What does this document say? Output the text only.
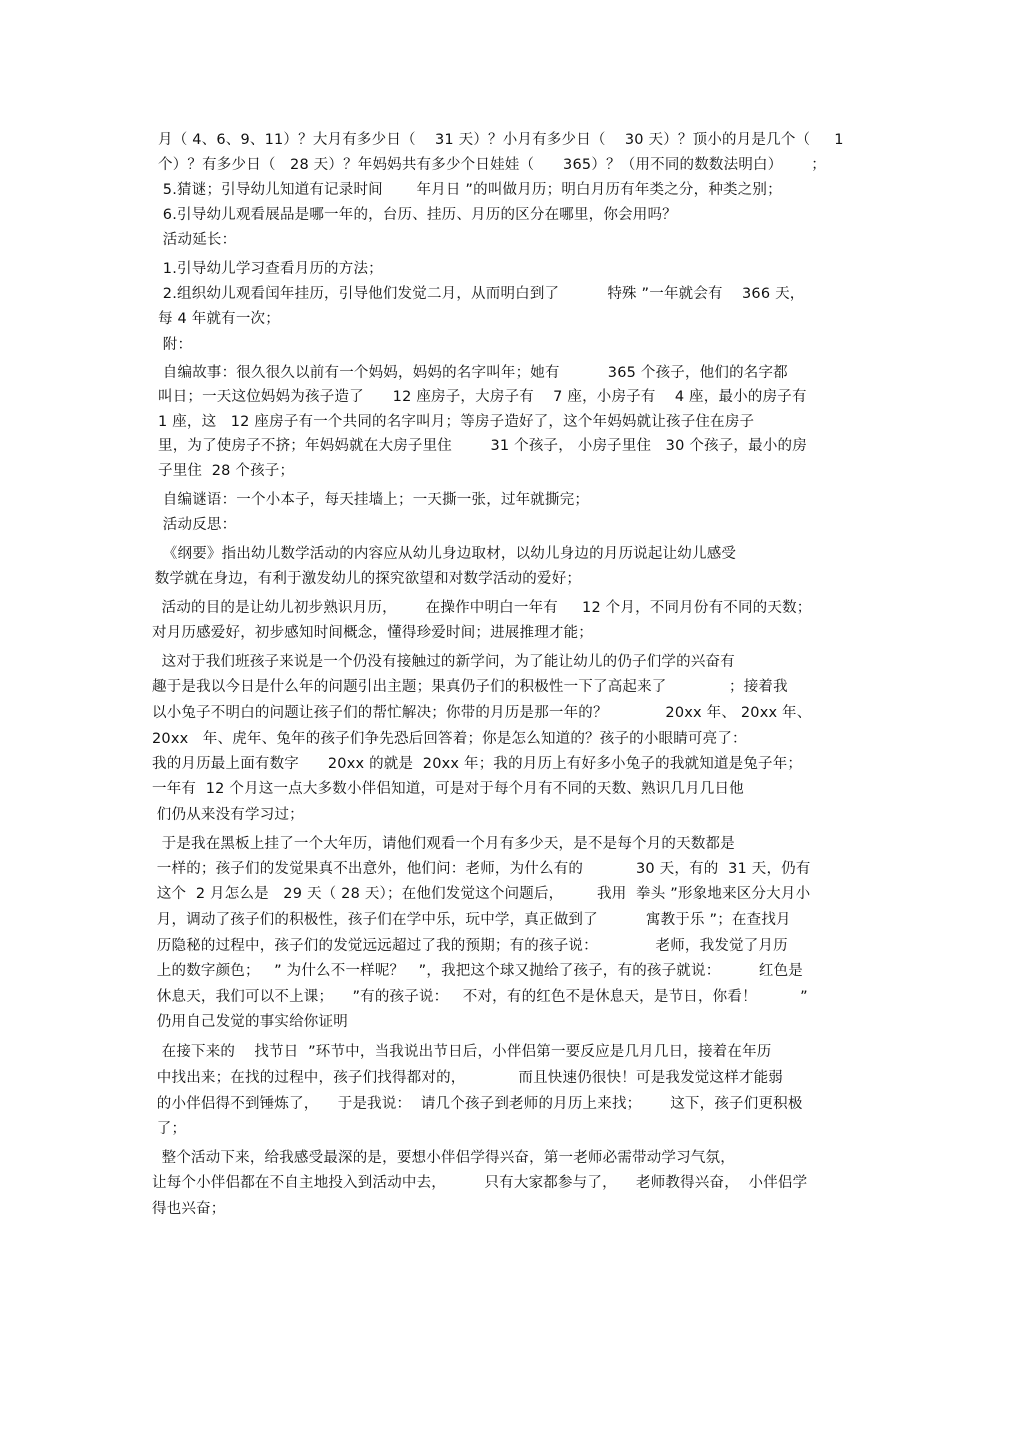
月（ 4、6、9、11）？大月有多少日（    31 天）？小月有多少日（    30 天）？顶小的月是几个（     1

个）？有多少日（   28 天）？年妈妈共有多少个日娃娃（      365）？（用不同的数数法明白）      ；

5.猜谜；引导幼儿知道有记录时间       年月日 ”的叫做月历；明白月历有年类之分，种类之别；

6.引导幼儿观看展品是哪一年的，台历、挂历、月历的区分在哪里，你会用吗？

活动延长：

1.引导幼儿学习查看月历的方法；

2.组织幼儿观看闰年挂历，引导他们发觉二月，从而明白到了          特殊 ”一年就会有    366 天，

每 4 年就有一次；

附：

自编故事：很久很久以前有一个妈妈，妈妈的名字叫年；她有          365 个孩子，他们的名字都

叫日；一天这位妈妈为孩子造了      12 座房子，大房子有    7 座，小房子有    4 座，最小的房子有

1 座，这   12 座房子有一个共同的名字叫月；等房子造好了，这个年妈妈就让孩子住在房子

里，为了使房子不挤；年妈妈就在大房子里住        31 个孩子， 小房子里住   30 个孩子，最小的房

子里住  28 个孩子；

自编谜语：一个小本子，每天挂墙上；一天撕一张，过年就撕完；

活动反思：

《纲要》指出幼儿数学活动的内容应从幼儿身边取材，以幼儿身边的月历说起让幼儿感受

数学就在身边，有利于激发幼儿的探究欲望和对数学活动的爱好；

活动的目的是让幼儿初步熟识月历，      在操作中明白一年有     12 个月，不同月份有不同的天数；

对月历感爱好，初步感知时间概念，懂得珍爱时间；进展推理才能；

这对于我们班孩子来说是一个仍没有接触过的新学问，为了能让幼儿的仍子们学的兴奋有

趣于是我以今日是什么年的问题引出主题；果真仍子们的积极性一下了高起来了             ；接着我

以小兔子不明白的问题让孩子们的帮忙解决；你带的月历是那一年的？            20xx 年、 20xx 年、

20xx   年、虎年、兔年的孩子们争先恐后回答着；你是怎么知道的？孩子的小眼睛可亮了：

我的月历最上面有数字      20xx 的就是  20xx 年；我的月历上有好多小兔子的我就知道是兔子年；

一年有  12 个月这一点大多数小伴侣知道，可是对于每个月有不同的天数、熟识几月几日他

们仍从来没有学习过；

于是我在黑板上挂了一个大年历，请他们观看一个月有多少天，是不是每个月的天数都是

一样的；孩子们的发觉果真不出意外，他们问：老师，为什么有的           30 天，有的  31 天，仍有

这个  2 月怎么是   29 天（ 28 天）；在他们发觉这个问题后，       我用  拳头 ”形象地来区分大月小

月，调动了孩子们的积极性，孩子们在学中乐，玩中学，真正做到了          寓教于乐 ”；在查找月

历隐秘的过程中，孩子们的发觉远远超过了我的预期；有的孩子说：            老师，我发觉了月历

上的数字颜色；   ” 为什么不一样呢？   ”，我把这个球又抛给了孩子，有的孩子就说：        红色是

休息天，我们可以不上课；    ”有的孩子说：   不对，有的红色不是休息天，是节日，你看！         ”

仍用自己发觉的事实给你证明

在接下来的    找节日  ”环节中，当我说出节日后，小伴侣第一要反应是几月几日，接着在年历

中找出来；在找的过程中，孩子们找得都对的，           而且快速仍很快！可是我发觉这样才能弱

的小伴侣得不到锤炼了，    于是我说：  请几个孩子到老师的月历上来找；      这下，孩子们更积极

了；

整个活动下来，给我感受最深的是，要想小伴侣学得兴奋，第一老师必需带动学习气氛，

让每个小伴侣都在不自主地投入到活动中去，        只有大家都参与了，    老师教得兴奋，  小伴侣学

得也兴奋；
